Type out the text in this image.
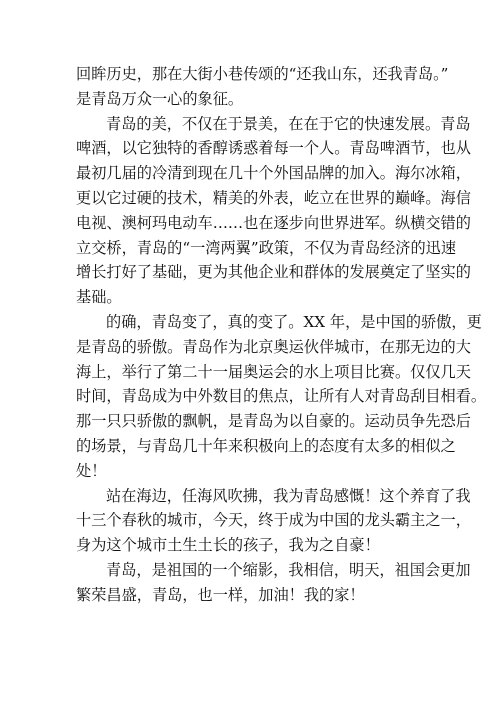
回眸历史，那在大街小巷传颂的“还我山东，还我青岛。”
是青岛万众一心的象征。
青岛的美，不仅在于景美，在在于它的快速发展。青岛
啤酒，以它独特的香醇诱惑着每一个人。青岛啤酒节，也从
最初几届的冷清到现在几十个外国品牌的加入。海尔冰箱，
更以它过硬的技术，精美的外表，屹立在世界的巅峰。海信
电视、澳柯玛电动车……也在逐步向世界进军。纵横交错的
立交桥，青岛的“一湾两翼”政策，不仅为青岛经济的迅速
增长打好了基础，更为其他企业和群体的发展奠定了坚实的
基础。
的确，青岛变了，真的变了。XX 年，是中国的骄傲，更
是青岛的骄傲。青岛作为北京奥运伙伴城市，在那无边的大
海上，举行了第二十一届奥运会的水上项目比赛。仅仅几天
时间，青岛成为中外数目的焦点，让所有人对青岛刮目相看。
那一只只骄傲的飘帆，是青岛为以自豪的。运动员争先恐后
的场景，与青岛几十年来积极向上的态度有太多的相似之
处！
站在海边，任海风吹拂，我为青岛感慨！这个养育了我
十三个春秋的城市，今天，终于成为中国的龙头霸主之一，
身为这个城市土生土长的孩子，我为之自豪！
青岛，是祖国的一个缩影，我相信，明天，祖国会更加
繁荣昌盛，青岛，也一样，加油！我的家！
